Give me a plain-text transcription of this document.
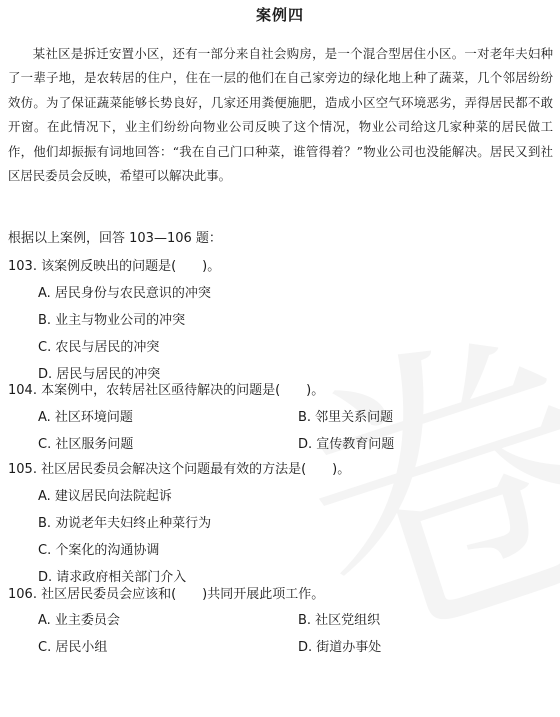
案例四

某社区是拆迁安置小区，还有一部分来自社会购房，是一个混合型居住小区。一对老年夫妇种了一辈子地，是农转居的住户，住在一层的他们在自己家旁边的绿化地上种了蔬菜，几个邻居纷纷效仿。为了保证蔬菜能够长势良好，几家还用粪便施肥，造成小区空气环境恶劣，弄得居民都不敢开窗。在此情况下，业主们纷纷向物业公司反映了这个情况，物业公司给这几家种菜的居民做工作，他们却振振有词地回答：“我在自己门口种菜，谁管得着？”物业公司也没能解决。居民又到社区居民委员会反映，希望可以解决此事。

根据以上案例，回答 103—106 题：
103. 该案例反映出的问题是(　　)。
A. 居民身份与农民意识的冲突
B. 业主与物业公司的冲突
C. 农民与居民的冲突
D. 居民与居民的冲突
104. 本案例中，农转居社区亟待解决的问题是(　　)。
A. 社区环境问题	B. 邻里关系问题
C. 社区服务问题	D. 宣传教育问题
105. 社区居民委员会解决这个问题最有效的方法是(　　)。
A. 建议居民向法院起诉
B. 劝说老年夫妇终止种菜行为
C. 个案化的沟通协调
D. 请求政府相关部门介入
106. 社区居民委员会应该和(　　)共同开展此项工作。
A. 业主委员会	B. 社区党组织
C. 居民小组	D. 街道办事处
